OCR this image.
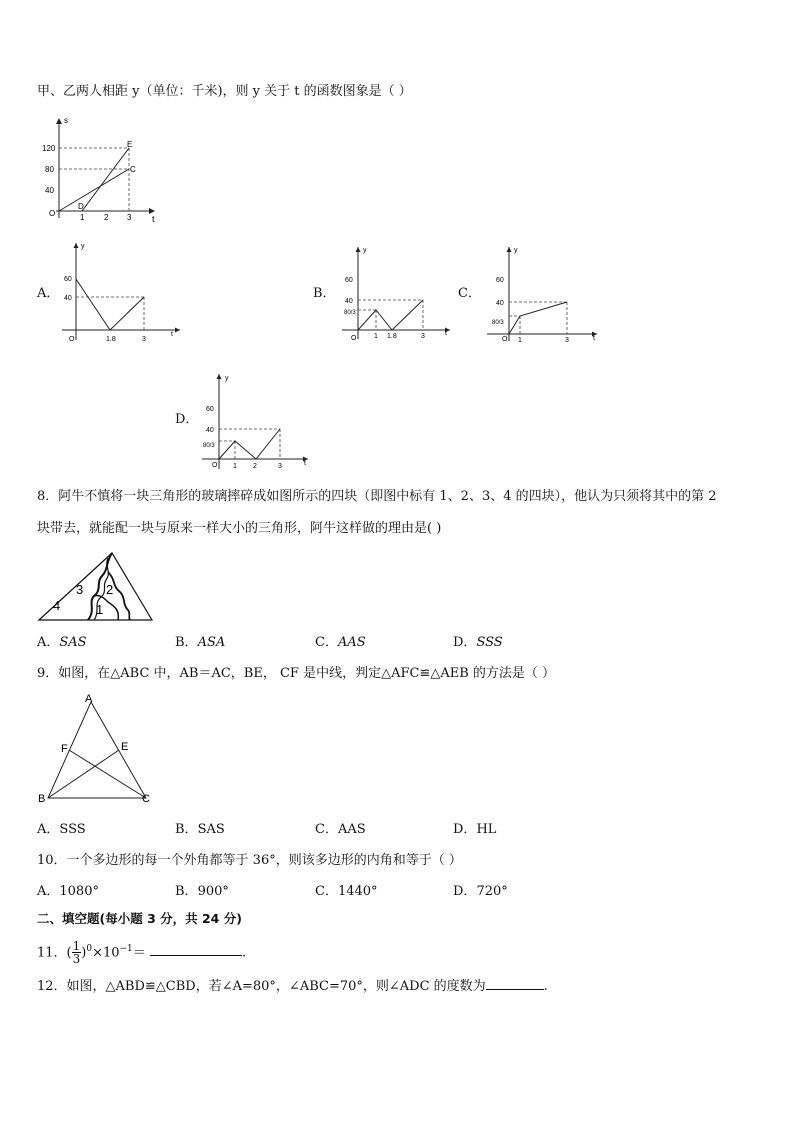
甲、乙两人相距 y（单位：千米)，则 y 关于 t 的函数图象是（ ）
s
t
120
80
40
O	1 2 3
E
C
D
A．
y
t
60
40
O	1.8	3
B．
y
t
60
40
80/3
O	1 1.8	3
C．
y
60
40
80/3
t
O 1	3
D．
y
60
40
80/3
t
O 1 2	3
8．阿牛不慎将一块三角形的玻璃摔碎成如图所示的四块（即图中标有 1、2、3、4 的四块），他认为只须将其中的第 2
块带去，就能配一块与原来一样大小的三角形，阿牛这样做的理由是( )
4
3 2
1
A．SAS	B．ASA	C．AAS	D．SSS
9．如图，在△ABC 中，AB＝AC，BE， CF 是中线，判定△AFC≌△AEB 的方法是（ ）
A
F	E
B	C
A．SSS	B．SAS	C．AAS	D．HL
10．一个多边形的每一个外角都等于 36°，则该多边形的内角和等于（ ）
A．1080°	B．900°	C．1440°	D．720°
二、填空题(每小题 3 分，共 24 分)
11．( $\frac{1}{3} )^0\times 10^{-1}=$	.
12．如图，△ABD≌△CBD，若∠A=80°，∠ABC=70°，则∠ADC 的度数为	.
